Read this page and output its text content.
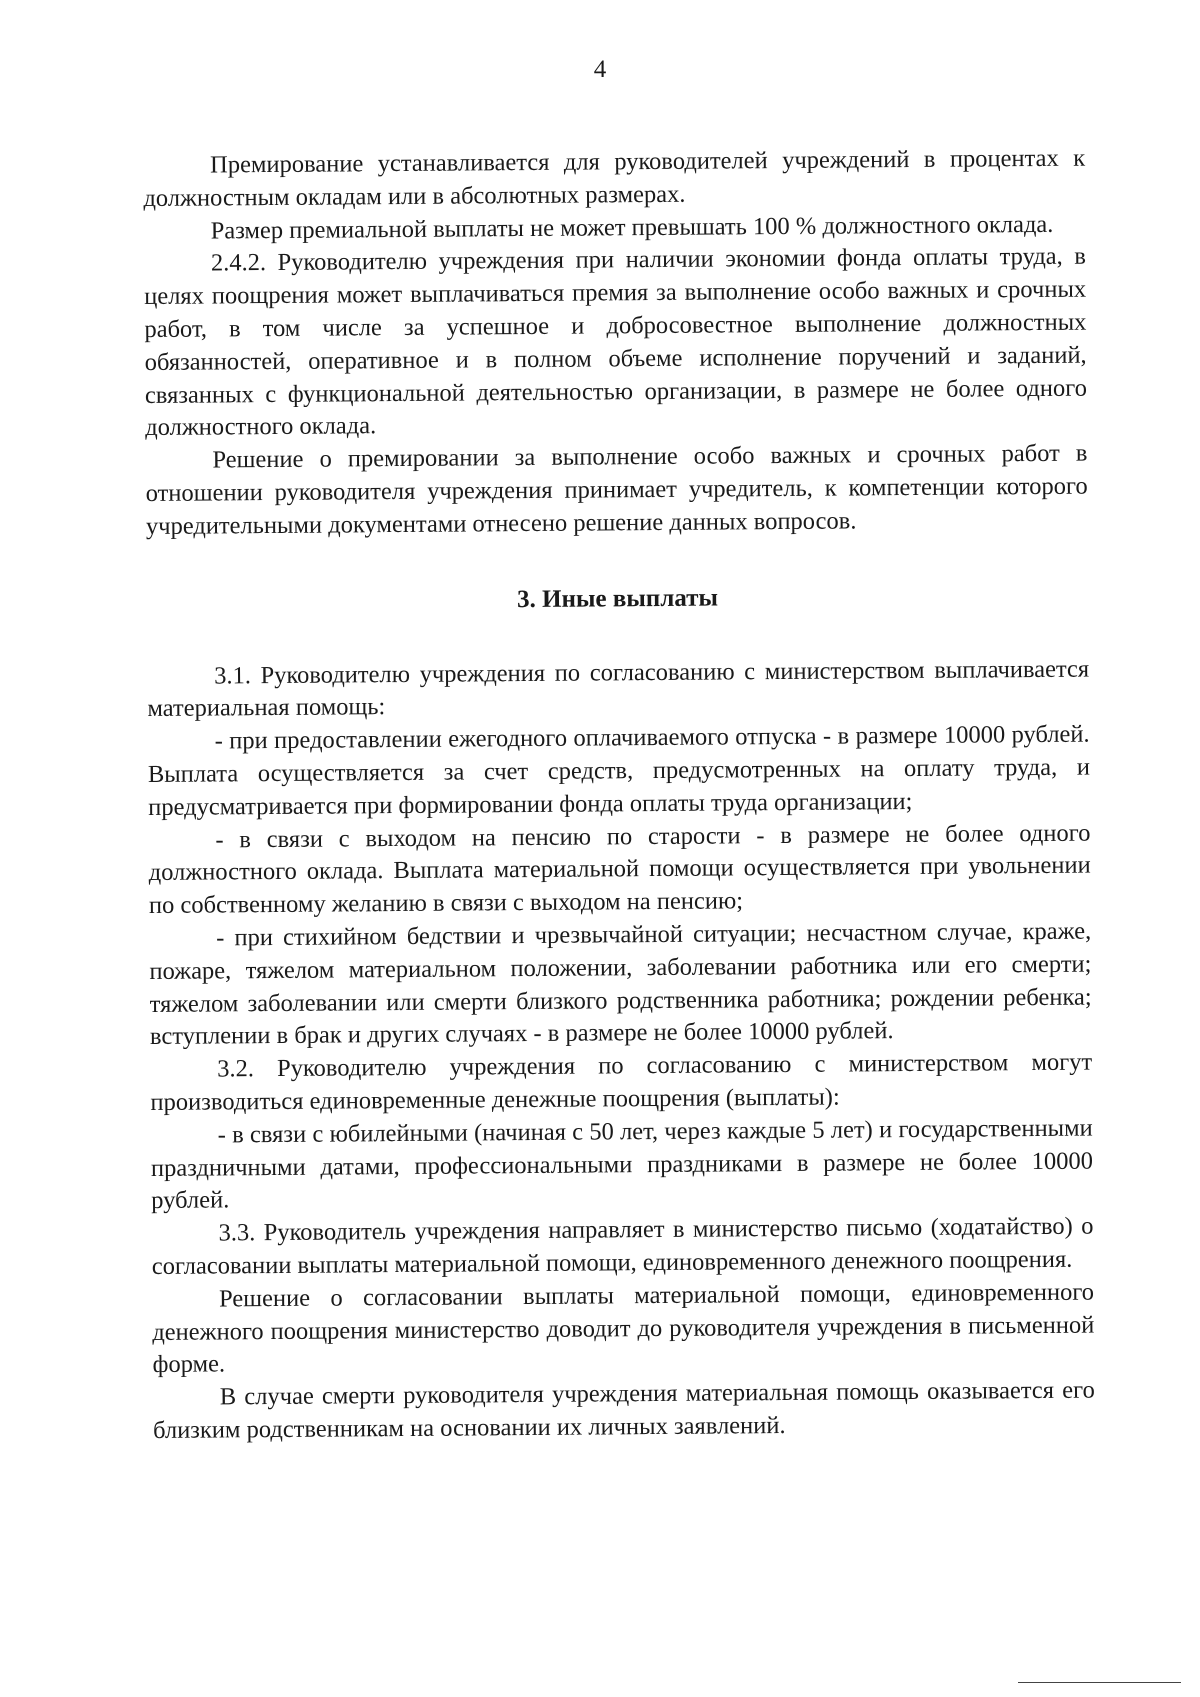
4

Премирование устанавливается для руководителей учреждений в процентах к должностным окладам или в абсолютных размерах.

Размер премиальной выплаты не может превышать 100 % должностного оклада.

2.4.2. Руководителю учреждения при наличии экономии фонда оплаты труда, в целях поощрения может выплачиваться премия за выполнение особо важных и срочных работ, в том числе за успешное и добросовестное выполнение должностных обязанностей, оперативное и в полном объеме исполнение поручений и заданий, связанных с функциональной деятельностью организации, в размере не более одного должностного оклада.

Решение о премировании за выполнение особо важных и срочных работ в отношении руководителя учреждения принимает учредитель, к компетенции которого учредительными документами отнесено решение данных вопросов.

3. Иные выплаты

3.1. Руководителю учреждения по согласованию с министерством выплачивается материальная помощь:

- при предоставлении ежегодного оплачиваемого отпуска - в размере 10000 рублей. Выплата осуществляется за счет средств, предусмотренных на оплату труда, и предусматривается при формировании фонда оплаты труда организации;

- в связи с выходом на пенсию по старости - в размере не более одного должностного оклада. Выплата материальной помощи осуществляется при увольнении по собственному желанию в связи с выходом на пенсию;

- при стихийном бедствии и чрезвычайной ситуации; несчастном случае, краже, пожаре, тяжелом материальном положении, заболевании работника или его смерти; тяжелом заболевании или смерти близкого родственника работника; рождении ребенка; вступлении в брак и других случаях - в размере не более 10000 рублей.

3.2. Руководителю учреждения по согласованию с министерством могут производиться единовременные денежные поощрения (выплаты):

- в связи с юбилейными (начиная с 50 лет, через каждые 5 лет) и государственными праздничными датами, профессиональными праздниками в размере не более 10000 рублей.

3.3. Руководитель учреждения направляет в министерство письмо (ходатайство) о согласовании выплаты материальной помощи, единовременного денежного поощрения.

Решение о согласовании выплаты материальной помощи, единовременного денежного поощрения министерство доводит до руководителя учреждения в письменной форме.

В случае смерти руководителя учреждения материальная помощь оказывается его близким родственникам на основании их личных заявлений.
